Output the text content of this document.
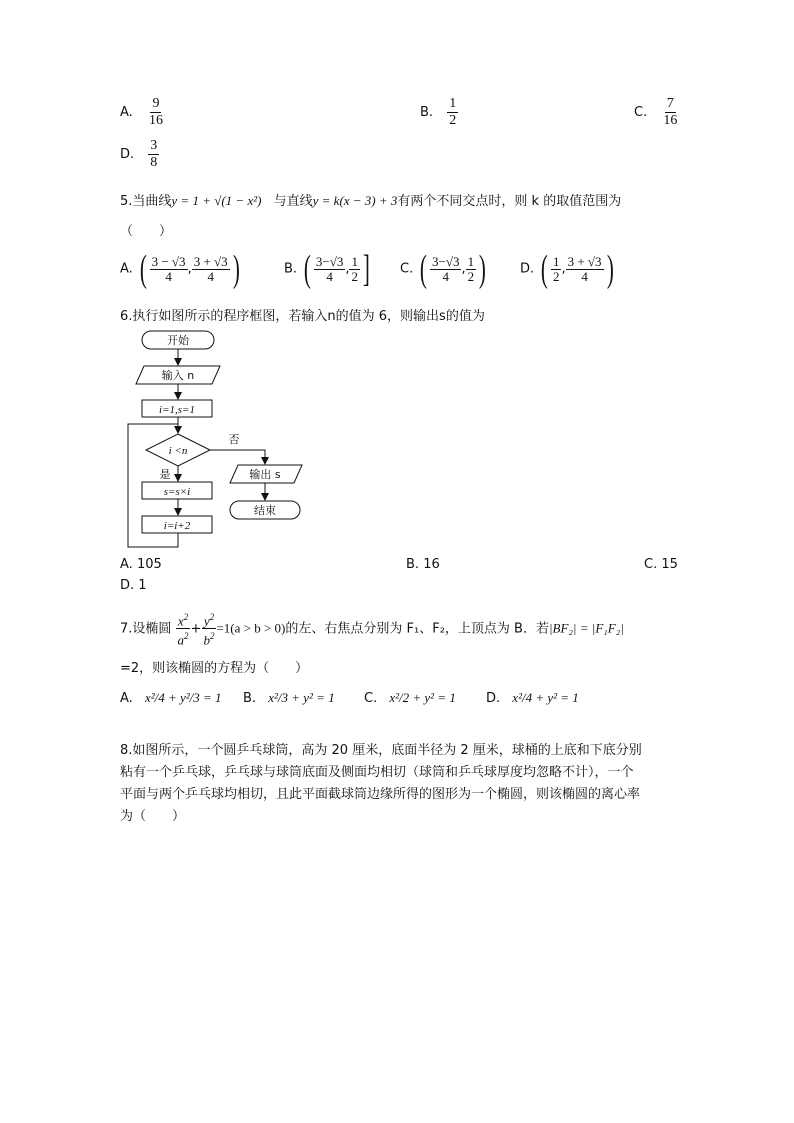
A. $\frac{9}{16}$	B. $\frac{1}{2}$	C. $\frac{7}{16}$
D. $\frac{3}{8}$
5.当曲线y = 1 + √(1 − x²) 与直线y = k(x − 3) + 3有两个不同交点时，则 k 的取值范围为
（　　）
A. ( $\frac{3 - √3}{4}$ , $\frac{3 + √3}{4}$ )	B. ( $\frac{3-√3}{4}$ , $\frac{1}{2}$ ] C. ( $\frac{3-√3}{4}$ , $\frac{1}{2}$ )	D. ( $\frac{1}{2}$ , $\frac{3 + √3}{4}$ )
6.执行如图所示的程序框图，若输入n的值为 6，则输出s的值为
开始
输入 n
i=1,s=1
i <n
否
是	输出 s
结束
s=s×i
i=i+2
A. 105	B. 16	C. 15
D. 1
7.设椭圆 $\frac{x^2}{a^2} + \frac{y^2}{b^2} =1(a > b > 0)$的左、右焦点分别为 F₁、F₂，上顶点为 B．若|BF₂| = |F₁F₂|
=2，则该椭圆的方程为（　　）
A. x²/4 + y²/3 = 1 B. x²/3 + y² = 1 C. x²/2 + y² = 1 D. x²/4 + y² = 1
8.如图所示，一个圆乒乓球筒，高为 20 厘米，底面半径为 2 厘米，球桶的上底和下底分别
粘有一个乒乓球，乒乓球与球筒底面及侧面均相切（球筒和乒乓球厚度均忽略不计），一个
平面与两个乒乓球均相切，且此平面截球筒边缘所得的图形为一个椭圆，则该椭圆的离心率
为（　　）
